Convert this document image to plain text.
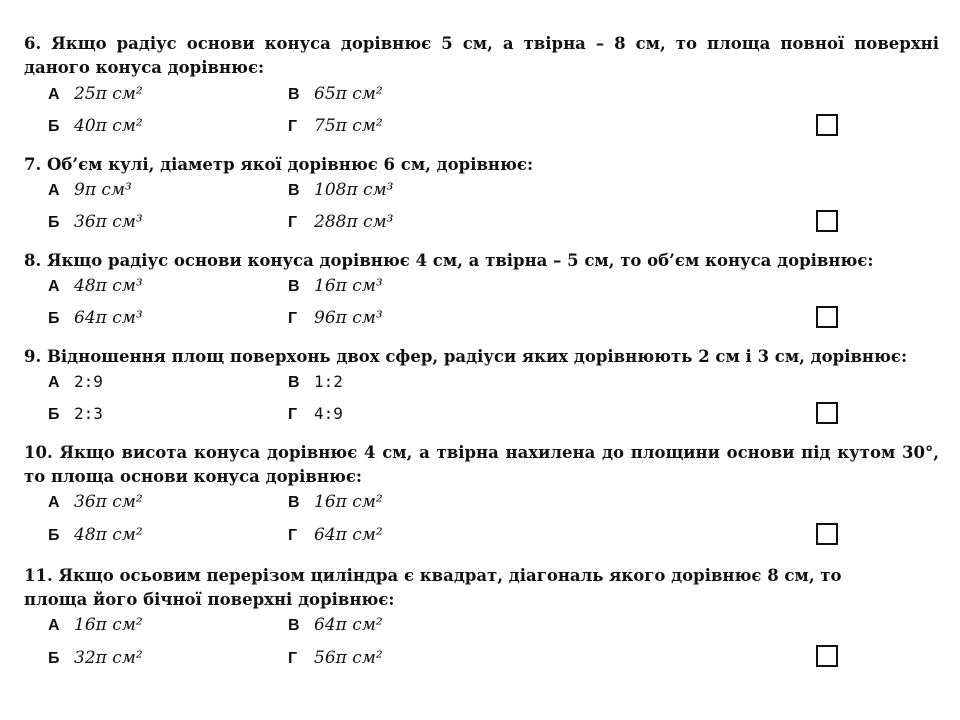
6. Якщо радіус основи конуса дорівнює 5 см, а твірна – 8 см, то площа повної поверхні даного конуса дорівнює:
А 25π см²	В 65π см²
Б 40π см²	Г 75π см²
7. Об’єм кулі, діаметр якої дорівнює 6 см, дорівнює:
А 9π см³	В 108π см³
Б 36π см³	Г 288π см³
8. Якщо радіус основи конуса дорівнює 4 см, а твірна – 5 см, то об’єм конуса дорівнює:
А 48π см³	В 16π см³
Б 64π см³	Г 96π см³
9. Відношення площ поверхонь двох сфер, радіуси яких дорівнюють 2 см і 3 см, дорівнює:
А 2:9	В 1:2
Б 2:3	Г	4:9
10. Якщо висота конуса дорівнює 4 см, а твірна нахилена до площини основи під кутом 30°, то площа основи конуса дорівнює:
А 36π см²	В 16π см²
Б 48π см²	Г 64π см²
11. Якщо осьовим перерізом циліндра є квадрат, діагональ якого дорівнює 8 см, то площа його бічної поверхні дорівнює:
А 16π см²	В 64π см²
Б 32π см²	Г 56π см²
